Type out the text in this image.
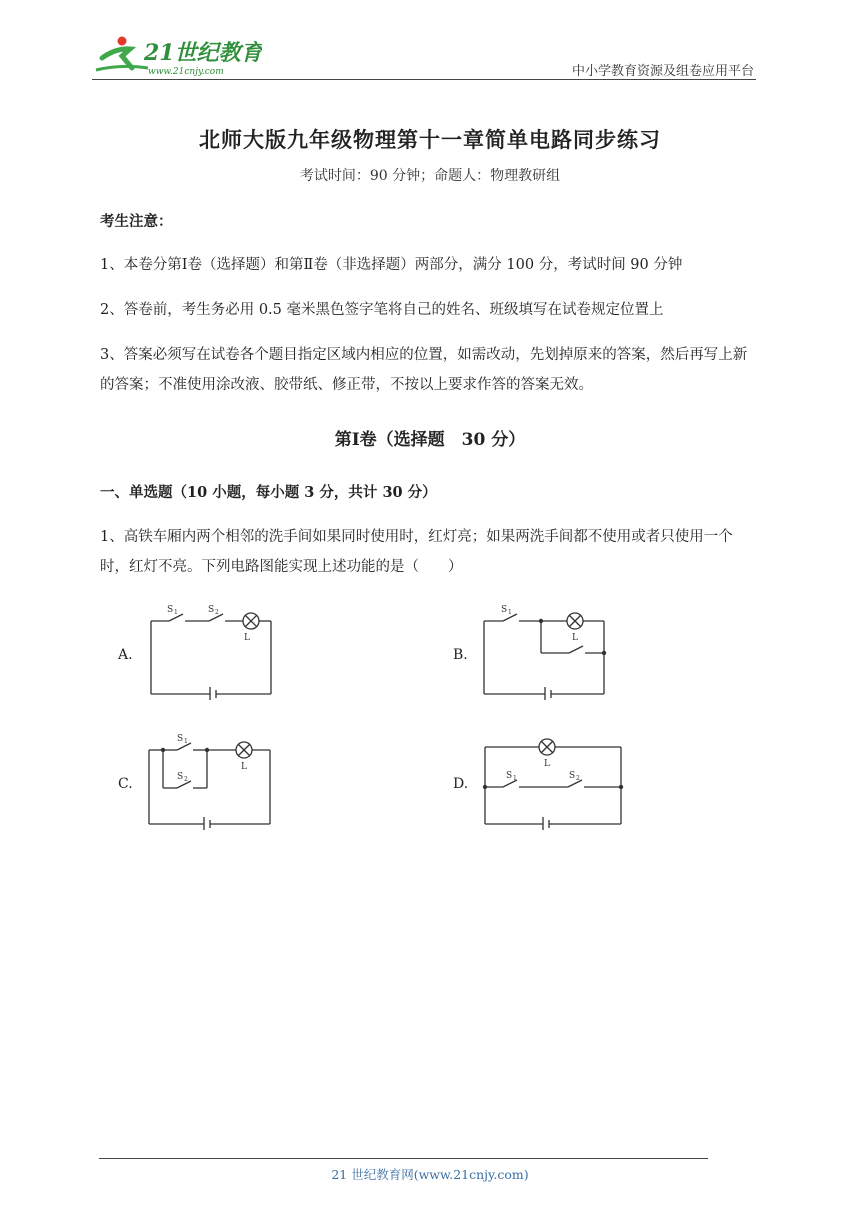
21世纪教育
www.21cnjy.com	中小学教育资源及组卷应用平台
北师大版九年级物理第十一章简单电路同步练习
考试时间：90 分钟；命题人：物理教研组
考生注意：
1、本卷分第Ⅰ卷（选择题）和第Ⅱ卷（非选择题）两部分，满分 100 分，考试时间 90 分钟
2、答卷前，考生务必用 0.5 毫米黑色签字笔将自己的姓名、班级填写在试卷规定位置上
3、答案必须写在试卷各个题目指定区域内相应的位置，如需改动，先划掉原来的答案，然后再写上新的答案；不准使用涂改液、胶带纸、修正带，不按以上要求作答的答案无效。
第Ⅰ卷（选择题　30 分）
一、单选题（10 小题，每小题 3 分，共计 30 分）
1、高铁车厢内两个相邻的洗手间如果同时使用时，红灯亮；如果两洗手间都不使用或者只使用一个时，红灯不亮。下列电路图能实现上述功能的是（　　）
A.	B.
C.	D.
S 1	S 2
L
S 1
L
S 1
S 2
L
S 1	S 2
L
21 世纪教育网(www.21cnjy.com)
